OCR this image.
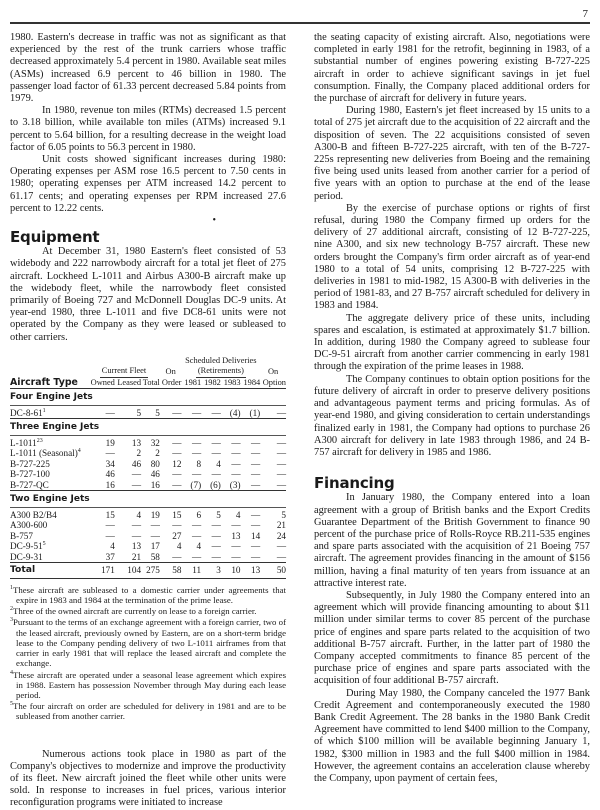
7

1980. Eastern's decrease in traffic was not as significant as that experienced by the rest of the trunk carriers whose traffic decreased approximately 5.4 percent in 1980. Available seat miles (ASMs) increased 6.9 percent to 46 billion in 1980. The passenger load factor of 61.33 percent decreased 5.84 points from 1979.

In 1980, revenue ton miles (RTMs) decreased 1.5 percent to 3.18 billion, while available ton miles (ATMs) increased 9.1 percent to 5.64 billion, for a resulting decrease in the weight load factor of 6.05 points to 56.3 percent in 1980.

Unit costs showed significant increases during 1980: Operating expenses per ASM rose 16.5 percent to 7.50 cents in 1980; operating expenses per ATM increased 14.2 percent to 61.17 cents; and operating expenses per RPM increased 27.6 percent to 12.22 cents.

•
Equipment

At December 31, 1980 Eastern's fleet consisted of 53 widebody and 222 narrowbody aircraft for a total jet fleet of 275 aircraft. Lockheed L-1011 and Airbus A300-B aircraft make up the widebody fleet, while the narrowbody fleet consisted primarily of Boeing 727 and McDonnell Douglas DC-9 units. At year-end 1980, three L-1011 and five DC8-61 units were not operated by the Company as they were leased or subleased to other carriers.

					Scheduled Deliveries				
	Current Fleet			On	(Retirements)				On
Aircraft Type	Owned	Leased	Total	Order	1981	1982	1983	1984	Option
Four Engine Jets									
$DC-8-61^1$	—	5	5	—	—	—	(4)	(1)	—
Three Engine Jets									
L-1011$^{23}$	19	13	32	—	—	—	—	—	—
L-1011 (Seasonal)$^4$	—	2	2	—	—	—	—	—	—
B-727-225	34	46	80	12	8	4	—	—	—
B-727-100	46	—	46	—	—	—	—	—	—
B-727-QC	16	—	16	—	(7)	(6)	(3)	—	—
Two Engine Jets									
A300 B2/B4	15	4	19	15	6	5	4	—	5
A300-600	—	—	—	—	—	—	—	—	21
B-757	—	—	—	27	—	—	13	14	24
$DC-9-51^5$	4	13	17	4	4	—	—	—	—
DC-9-31	37	21	58	—	—	—	—	—	—
Total	171	104	275	58	11	3	10	13	50

$^1$These aircraft are subleased to a domestic carrier under agreements that expire in 1983 and 1984 at the termination of the prime lease.

$^2$Three of the owned aircraft are currently on lease to a foreign carrier.

$^3$Pursuant to the terms of an exchange agreement with a foreign carrier, two of the leased aircraft, previously owned by Eastern, are on a short-term bridge lease to the Company pending delivery of two L-1011 airframes from that carrier in early 1981 that will replace the leased aircraft and complete the exchange.

$^4$These aircraft are operated under a seasonal lease agreement which expires in 1988. Eastern has possession November through May during each lease period.

$^5$The four aircraft on order are scheduled for delivery in 1981 and are to be subleased from another carrier.

Numerous actions took place in 1980 as part of the Company's objectives to modernize and improve the productivity of its fleet. New aircraft joined the fleet while other units were sold. In response to increases in fuel prices, various interior reconfiguration programs were initiated to increase

the seating capacity of existing aircraft. Also, negotiations were completed in early 1981 for the retrofit, beginning in 1983, of a substantial number of engines powering existing B-727-225 aircraft in order to achieve significant savings in jet fuel consumption. Finally, the Company placed additional orders for the purchase of aircraft for delivery in future years.

During 1980, Eastern's jet fleet increased by 15 units to a total of 275 jet aircraft due to the acquisition of 22 aircraft and the disposition of seven. The 22 acquisitions consisted of seven A300-B and fifteen B-727-225 aircraft, with ten of the B-727-225s representing new deliveries from Boeing and the remaining five being used units leased from another carrier for a period of five years with an option to purchase at the end of the lease period.

By the exercise of purchase options or rights of first refusal, during 1980 the Company firmed up orders for the delivery of 27 additional aircraft, consisting of 12 B-727-225, nine A300, and six new technology B-757 aircraft. These new orders brought the Company's firm order aircraft as of year-end 1980 to a total of 54 units, comprising 12 B-727-225 with deliveries in 1981 to mid-1982, 15 A300-B with deliveries in the period of 1981-83, and 27 B-757 aircraft scheduled for delivery in 1983 and 1984.

The aggregate delivery price of these units, including spares and escalation, is estimated at approximately $1.7 billion. In addition, during 1980 the Company agreed to sublease four DC-9-51 aircraft from another carrier commencing in early 1981 through the expiration of the prime leases in 1988.

The Company continues to obtain option positions for the future delivery of aircraft in order to preserve delivery positions and advantageous payment terms and pricing formulas. As of year-end 1980, and giving consideration to certain understandings finalized early in 1981, the Company had options to purchase 26 A300 aircraft for delivery in late 1983 through 1986, and 24 B-757 aircraft for delivery in 1985 and 1986.

Financing

In January 1980, the Company entered into a loan agreement with a group of British banks and the Export Credits Guarantee Department of the British Government to finance 90 percent of the purchase price of Rolls-Royce RB.211-535 engines and spare parts associated with the acquisition of 21 Boeing 757 aircraft. The agreement provides financing in the amount of $156 million, having a final maturity of ten years from issuance at an attractive interest rate.

Subsequently, in July 1980 the Company entered into an agreement which will provide financing amounting to about $11 million under similar terms to cover 85 percent of the purchase price of engines and spare parts related to the acquisition of two additional B-757 aircraft. Further, in the latter part of 1980 the Company accepted commitments to finance 85 percent of the purchase price of engines and spare parts associated with the acquisition of four additional B-757 aircraft.

During May 1980, the Company canceled the 1977 Bank Credit Agreement and contemporaneously executed the 1980 Bank Credit Agreement. The 28 banks in the 1980 Bank Credit Agreement have committed to lend $400 million to the Company, of which $100 million will be available beginning January 1, 1982, $300 million in 1983 and the full $400 million in 1984. However, the agreement contains an acceleration clause whereby the Company, upon payment of certain fees,
